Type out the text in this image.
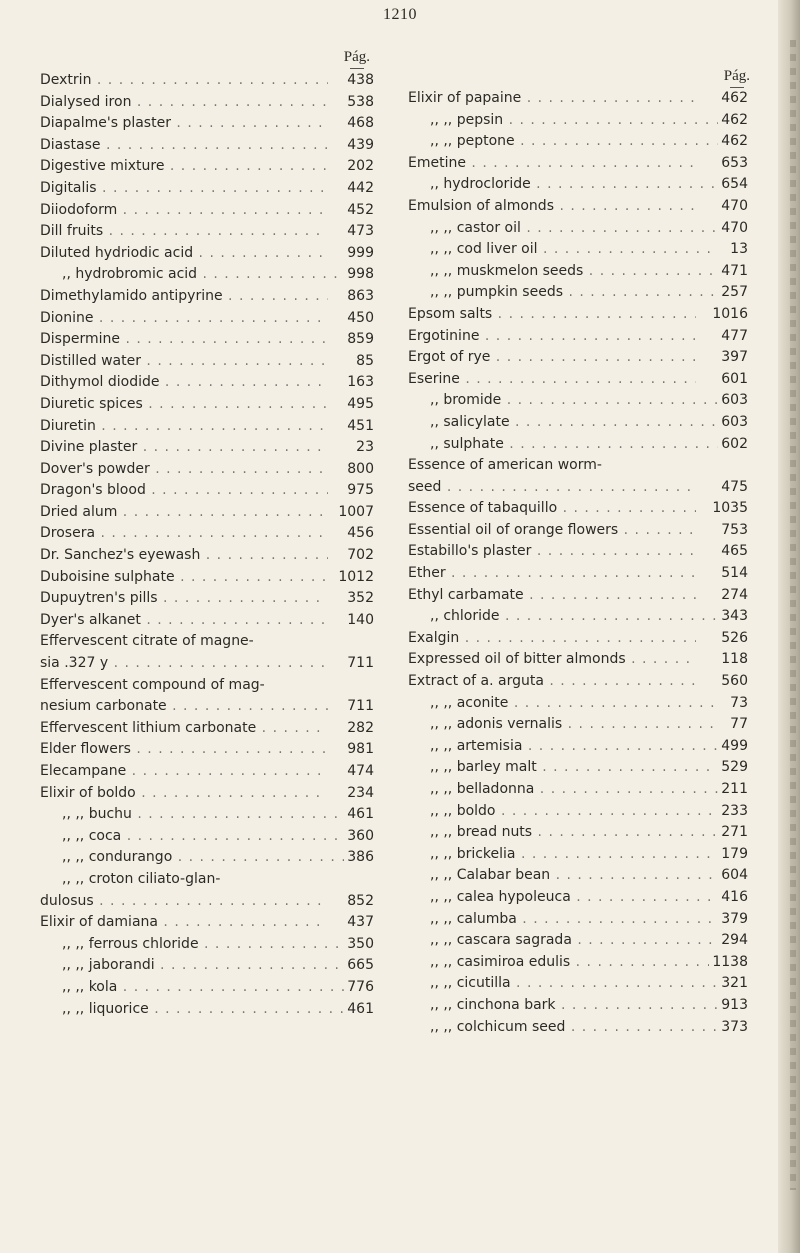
1210
Pág.
Dextrin . . .	438
Dialysed iron . . .	538
Diapalme's plaster . . .	468
Diastase . . .	439
Digestive mixture . . .	202
Digitalis . . .	442
Diiodoform . . .	452
Dill fruits . . .	473
Diluted hydriodic acid . . .	999
,, hydrobromic acid . . .	998
Dimethylamido antipyrine . . .	863
Dionine . . .	450
Dispermine . . .	859
Distilled water . . .	85
Dithymol diodide . . .	163
Diuretic spices . . .	495
Diuretin . . .	451
Divine plaster . . .	23
Dover's powder . . .	800
Dragon's blood . . .	975
Dried alum . . .	1007
Drosera . . .	456
Dr. Sanchez's eyewash . . .	702
Duboisine sulphate . . .	1012
Dupuytren's pills . . .	352
Dyer's alkanet . . .	140
Effervescent citrate of magne-
sia .327 y . . .	711
Effervescent compound of mag-
nesium carbonate . . .	711
Effervescent lithium carbonate . . .	282
Elder flowers . . .	981
Elecampane . . .	474
Elixir of boldo . . .	234
,, ,, buchu . . .	461
,, ,, coca . . .	360
,, ,, condurango . . .	386
,, ,, croton ciliato-glan-
dulosus . . .	852
Elixir of damiana . . .	437
,, ,, ferrous chloride . . .	350
,, ,, jaborandi . . .	665
,, ,, kola . . .	776
,, ,, liquorice . . .	461
Pág.
Elixir of papaine . . .	462
,, ,, pepsin . . .	462
,, ,, peptone . . .	462
Emetine . . .	653
,, hydrocloride . . .	654
Emulsion of almonds . . .	470
,, ,, castor oil . . .	470
,, ,, cod liver oil . . .	13
,, ,, muskmelon seeds . . .	471
,, ,, pumpkin seeds . . .	257
Epsom salts . . .	1016
Ergotinine . . .	477
Ergot of rye . . .	397
Eserine . . .	601
,, bromide . . .	603
,, salicylate . . .	603
,, sulphate . . .	602
Essence of american worm-
seed . . .	475
Essence of tabaquillo . . .	1035
Essential oil of orange flowers . . .	753
Estabillo's plaster . . .	465
Ether . . .	514
Ethyl carbamate . . .	274
,, chloride . . .	343
Exalgin . . .	526
Expressed oil of bitter almonds . . .	118
Extract of a. arguta . . .	560
,, ,, aconite . . .	73
,, ,, adonis vernalis . . .	77
,, ,, artemisia . . .	499
,, ,, barley malt . . .	529
,, ,, belladonna . . .	211
,, ,, boldo . . .	233
,, ,, bread nuts . . .	271
,, ,, brickelia . . .	179
,, ,, Calabar bean . . .	604
,, ,, calea hypoleuca . . .	416
,, ,, calumba . . .	379
,, ,, cascara sagrada . . .	294
,, ,, casimiroa edulis . . .	1138
,, ,, cicutilla . . .	321
,, ,, cinchona bark . . .	913
,, ,, colchicum seed . . .	373
